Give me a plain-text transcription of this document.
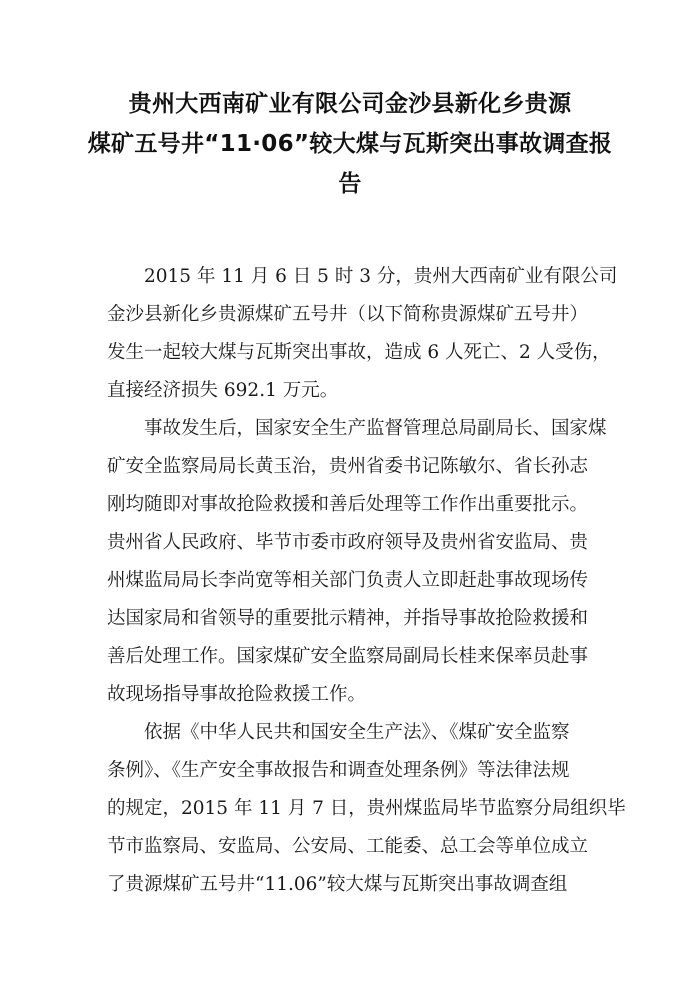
贵州大西南矿业有限公司金沙县新化乡贵源
煤矿五号井“11·06”较大煤与瓦斯突出事故调查报
告
2015 年 11 月 6 日 5 时 3 分，贵州大西南矿业有限公司
金沙县新化乡贵源煤矿五号井（以下简称贵源煤矿五号井）
发生一起较大煤与瓦斯突出事故，造成 6 人死亡、2 人受伤，
直接经济损失 692.1 万元。
事故发生后，国家安全生产监督管理总局副局长、国家煤
矿安全监察局局长黄玉治，贵州省委书记陈敏尔、省长孙志
刚均随即对事故抢险救援和善后处理等工作作出重要批示。
贵州省人民政府、毕节市委市政府领导及贵州省安监局、贵
州煤监局局长李尚宽等相关部门负责人立即赶赴事故现场传
达国家局和省领导的重要批示精神，并指导事故抢险救援和
善后处理工作。国家煤矿安全监察局副局长桂来保率员赴事
故现场指导事故抢险救援工作。
依据《中华人民共和国安全生产法》、《煤矿安全监察
条例》、《生产安全事故报告和调查处理条例》等法律法规
的规定，2015 年 11 月 7 日，贵州煤监局毕节监察分局组织毕
节市监察局、安监局、公安局、工能委、总工会等单位成立
了贵源煤矿五号井“11.06”较大煤与瓦斯突出事故调查组
